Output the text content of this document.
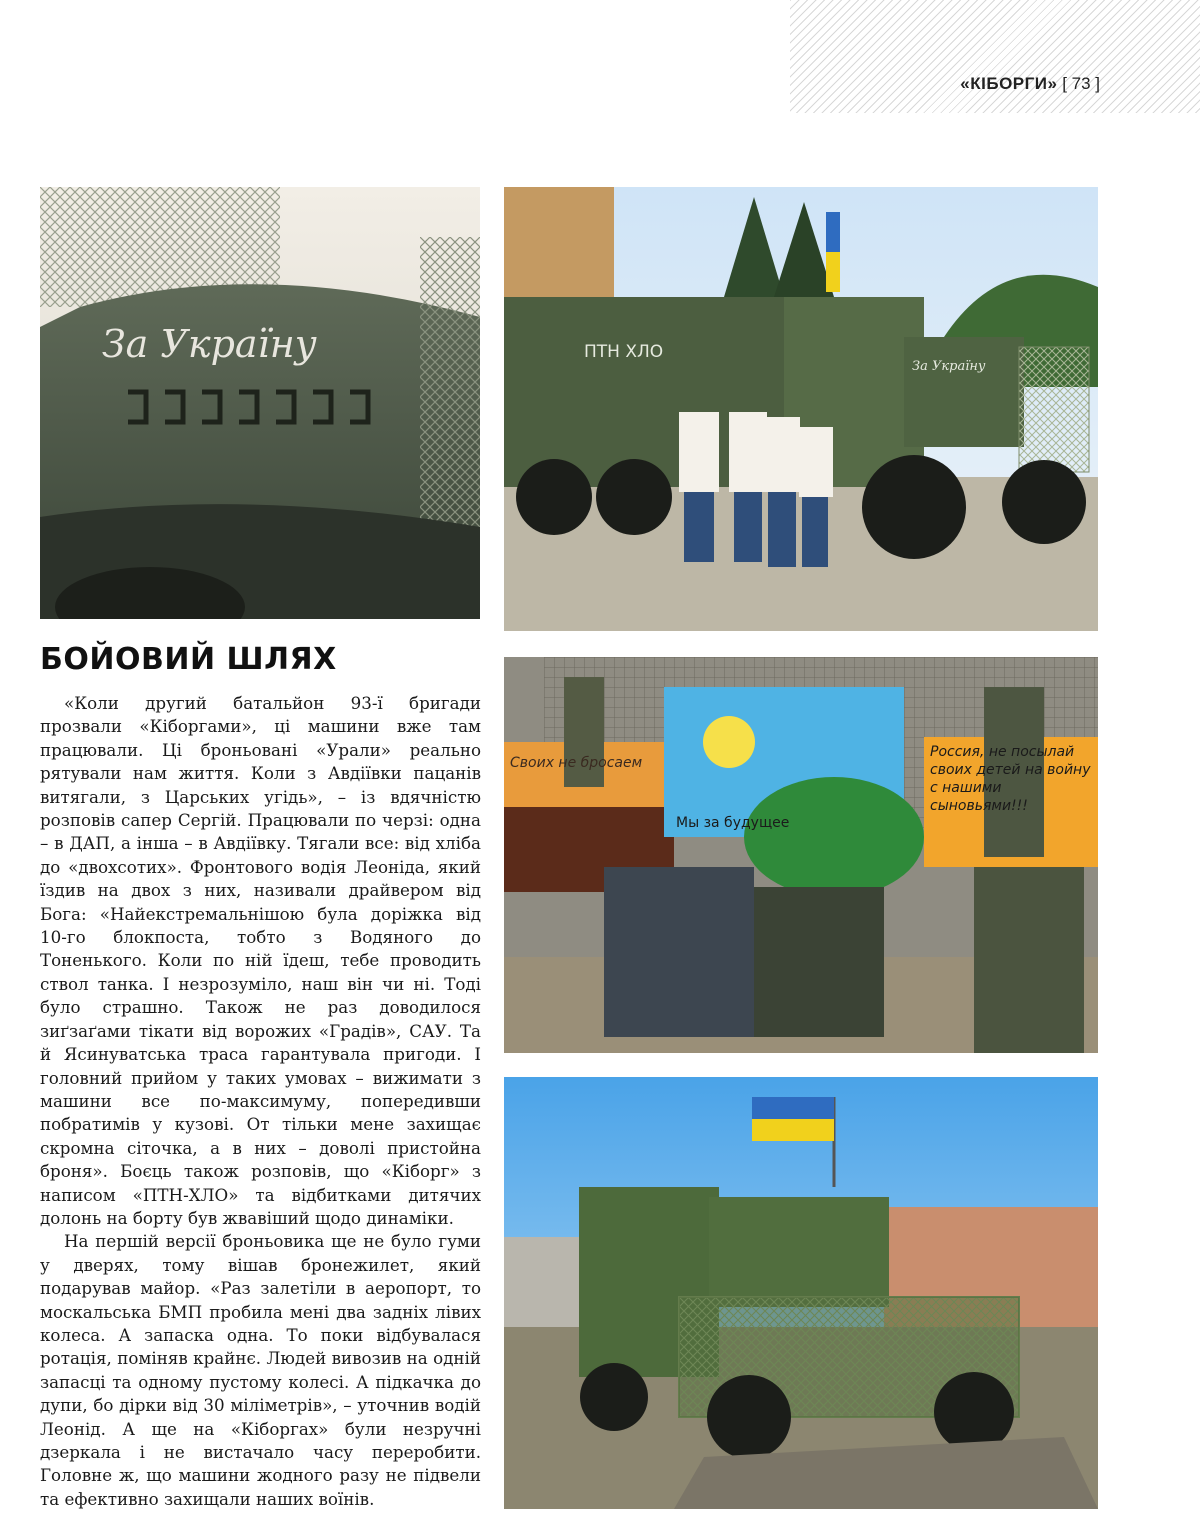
«КІБОРГИ» [ 73 ]
За Україну	ПТН ХЛО
За Україну
Своих не бросаем
Мы за будущее
Россия, не посылай своих детей на войну с нашими сыновьями!!!
БОЙОВИЙ ШЛЯХ

«Коли другий батальйон 93-ї бригади прозвали «Кіборгами», ці машини вже там працювали. Ці броньовані «Урали» реально рятували нам життя. Коли з Авдіївки пацанів витягали, з Царських угідь», – із вдячністю розповів сапер Сергій. Працювали по черзі: одна – в ДАП, а інша – в Авдіївку. Тягали все: від хліба до «двохсотих». Фронтового водія Леоніда, який їздив на двох з них, називали драйвером від Бога: «Найекстремальнішою була доріжка від 10-го блокпоста, тобто з Водяного до Тоненького. Коли по ній їдеш, тебе проводить ствол танка. І незрозуміло, наш він чи ні. Тоді було страшно. Також не раз доводилося зиґзаґами тікати від ворожих «Градів», САУ. Та й Ясинуватська траса гарантувала пригоди. І головний прийом у таких умовах – вижимати з машини все по-максимуму, попередивши побратимів у кузові. От тільки мене захищає скромна сіточка, а в них – доволі пристойна броня». Боєць також розповів, що «Кіборг» з написом «ПТН-ХЛО» та відбитками дитячих долонь на борту був жвавіший щодо динаміки.

На першій версії броньовика ще не було гуми у дверях, тому вішав бронежилет, який подарував майор. «Раз залетіли в аеропорт, то москальська БМП пробила мені два задніх лівих колеса. А запаска одна. То поки відбувалася ротація, поміняв крайнє. Людей вивозив на одній запасці та одному пустому колесі. А підкачка до дупи, бо дірки від 30 міліметрів», – уточнив водій Леонід. А ще на «Кіборгах» були незручні дзеркала і не вистачало часу переробити. Головне ж, що машини жодного разу не підвели та ефективно захищали наших воїнів.
